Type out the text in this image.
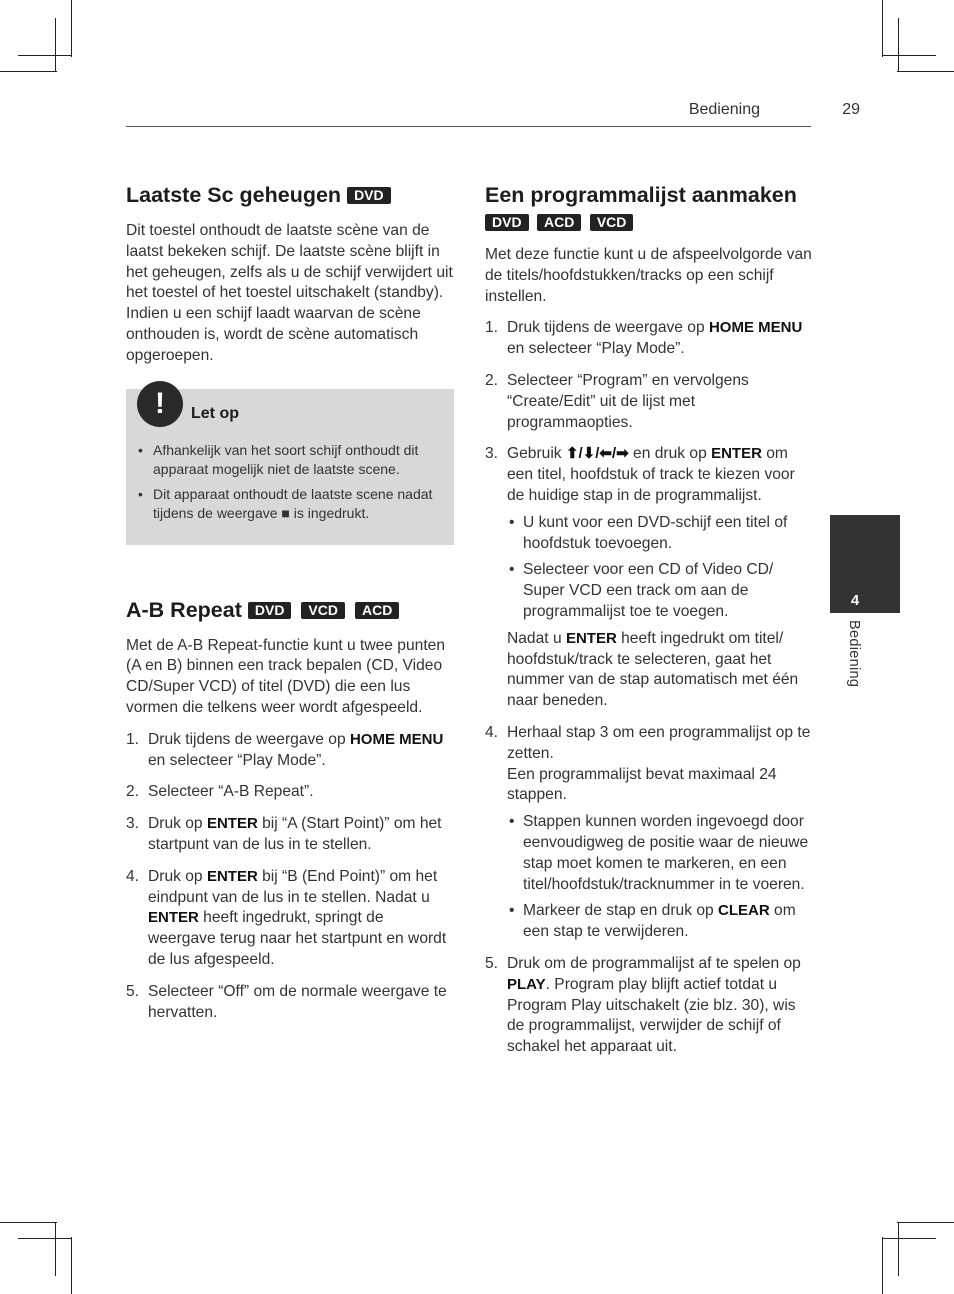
Bediening	29
4
Bediening
Laatste Sc geheugen DVD

Dit toestel onthoudt de laatste scène van de laatst bekeken schijf. De laatste scène blijft in het geheugen, zelfs als u de schijf verwijdert uit het toestel of het toestel uitschakelt (standby). Indien u een schijf laadt waarvan de scène onthouden is, wordt de scène automatisch opgeroepen.

!	Let op
• Afhankelijk van het soort schijf onthoudt dit apparaat mogelijk niet de laatste scene.
• Dit apparaat onthoudt de laatste scene nadat tijdens de weergave ■ is ingedrukt.
A-B Repeat DVD VCD ACD

Met de A-B Repeat-functie kunt u twee punten (A en B) binnen een track bepalen (CD, Video CD/Super VCD) of titel (DVD) die een lus vormen die telkens weer wordt afgespeeld.

1. Druk tijdens de weergave op HOME MENU en selecteer “Play Mode”.
2. Selecteer “A-B Repeat”.
3. Druk op ENTER bij “A (Start Point)” om het startpunt van de lus in te stellen.
4. Druk op ENTER bij “B (End Point)” om het eindpunt van de lus in te stellen. Nadat u ENTER heeft ingedrukt, springt de weergave terug naar het startpunt en wordt de lus afgespeeld.
5. Selecteer “Off” om de normale weergave te hervatten.
Een programmalijst aanmaken
DVD ACD VCD

Met deze functie kunt u de afspeelvolgorde van de titels/hoofdstukken/tracks op een schijf instellen.

1. Druk tijdens de weergave op HOME MENU en selecteer “Play Mode”.
2. Selecteer “Program” en vervolgens “Create/Edit” uit de lijst met programmaopties.
3. Gebruik ⬆/⬇/⬅/➡ en druk op ENTER om een titel, hoofdstuk of track te kiezen voor de huidige stap in de programmalijst.
• U kunt voor een DVD-schijf een titel of hoofdstuk toevoegen.
• Selecteer voor een CD of Video CD/ Super VCD een track om aan de programmalijst toe te voegen.

Nadat u ENTER heeft ingedrukt om titel/ hoofdstuk/track te selecteren, gaat het nummer van de stap automatisch met één naar beneden.

4. Herhaal stap 3 om een programmalijst op te zetten.
Een programmalijst bevat maximaal 24 stappen.
• Stappen kunnen worden ingevoegd door eenvoudigweg de positie waar de nieuwe stap moet komen te markeren, en een titel/hoofdstuk/tracknummer in te voeren.
• Markeer de stap en druk op CLEAR om een stap te verwijderen.
5. Druk om de programmalijst af te spelen op PLAY. Program play blijft actief totdat u Program Play uitschakelt (zie blz. 30), wis de programmalijst, verwijder de schijf of schakel het apparaat uit.
